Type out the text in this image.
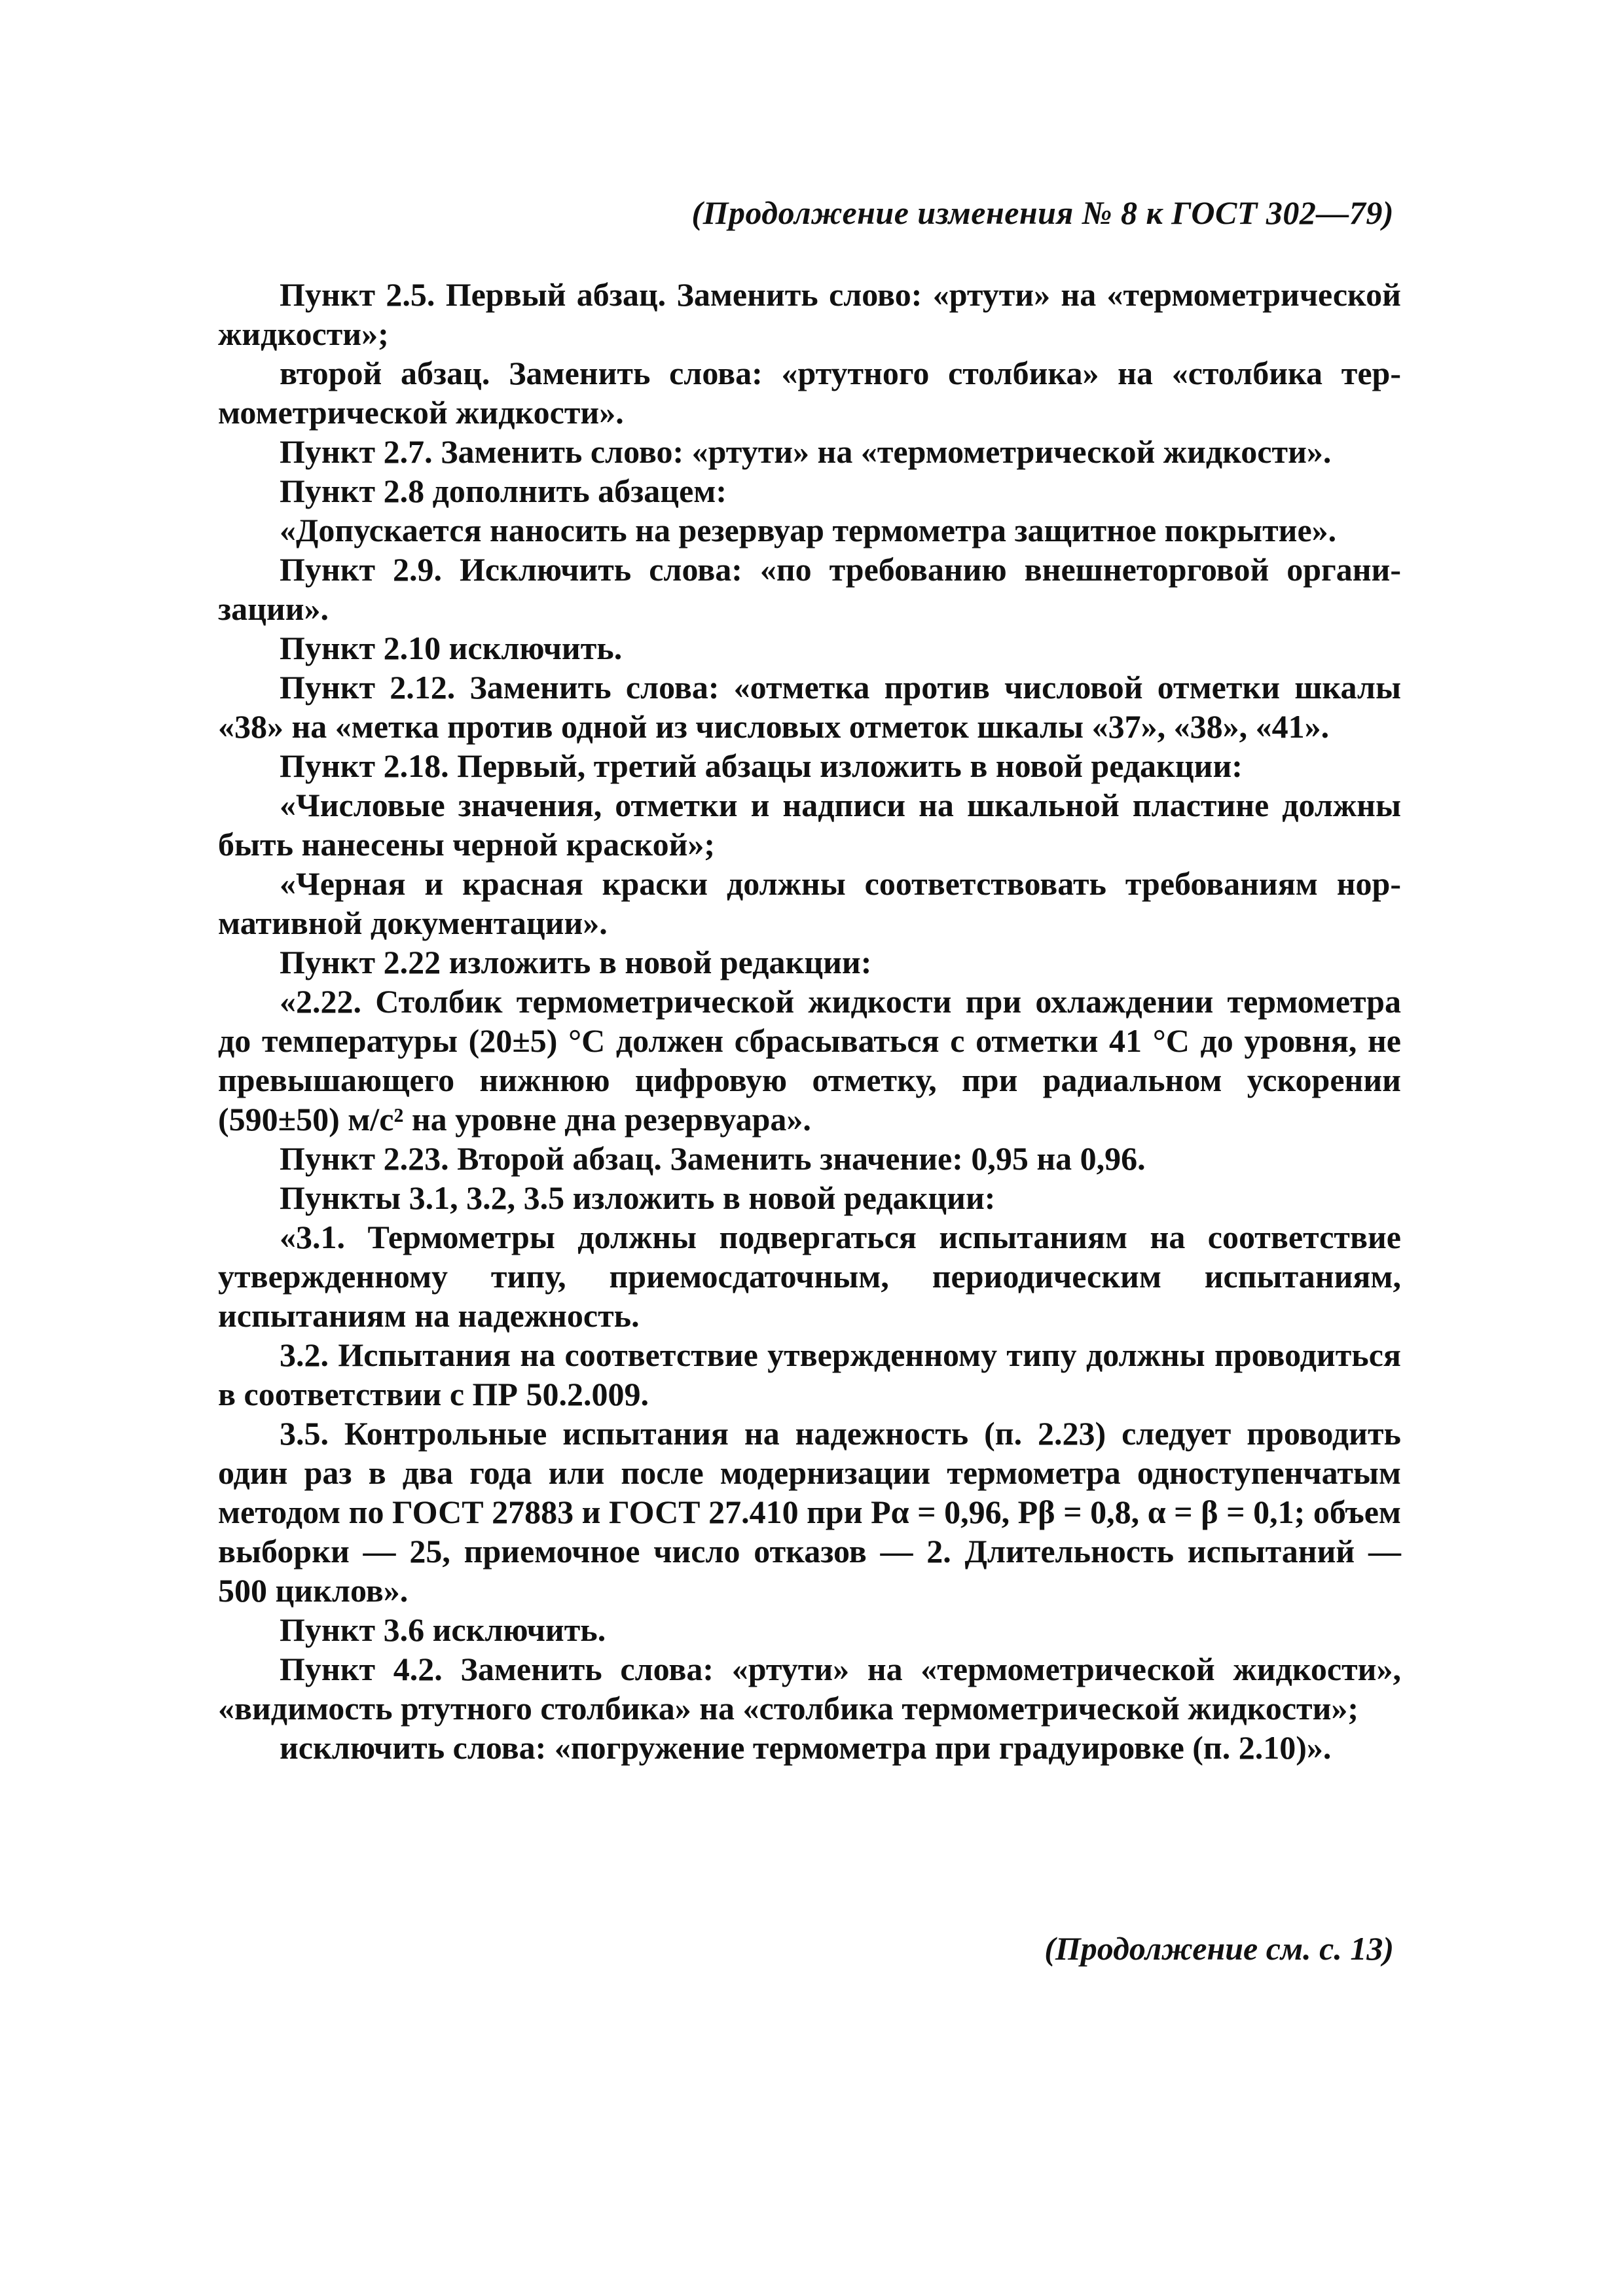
(Продолжение изменения № 8 к ГОСТ 302—79)

Пункт 2.5. Первый абзац. Заменить слово: «ртути» на «термометрической жидкости»;

второй абзац. Заменить слова: «ртутного столбика» на «столбика термометрической жидкости».

Пункт 2.7. Заменить слово: «ртути» на «термометрической жидкости».

Пункт 2.8 дополнить абзацем:

«Допускается наносить на резервуар термометра защитное покрытие».

Пункт 2.9. Исключить слова: «по требованию внешнеторговой организации».

Пункт 2.10 исключить.

Пункт 2.12. Заменить слова: «отметка против числовой отметки шкалы «38» на «метка против одной из числовых отметок шкалы «37», «38», «41».

Пункт 2.18. Первый, третий абзацы изложить в новой редакции:

«Числовые значения, отметки и надписи на шкальной пластине должны быть нанесены черной краской»;

«Черная и красная краски должны соответствовать требованиям нормативной документации».

Пункт 2.22 изложить в новой редакции:

«2.22. Столбик термометрической жидкости при охлаждении термометра до температуры (20±5) °С должен сбрасываться с отметки 41 °С до уровня, не превышающего нижнюю цифровую отметку, при радиальном ускорении (590±50) м/с² на уровне дна резервуара».

Пункт 2.23. Второй абзац. Заменить значение: 0,95 на 0,96.

Пункты 3.1, 3.2, 3.5 изложить в новой редакции:

«3.1. Термометры должны подвергаться испытаниям на соответствие утвержденному типу, приемосдаточным, периодическим испытаниям, испытаниям на надежность.

3.2. Испытания на соответствие утвержденному типу должны проводиться в соответствии с ПР 50.2.009.

3.5. Контрольные испытания на надежность (п. 2.23) следует проводить один раз в два года или после модернизации термометра одноступенчатым методом по ГОСТ 27883 и ГОСТ 27.410 при Pα = 0,96, Pβ = 0,8, α = β = 0,1; объем выборки — 25, приемочное число отказов — 2. Длительность испытаний — 500 циклов».

Пункт 3.6 исключить.

Пункт 4.2. Заменить слова: «ртути» на «термометрической жидкости», «видимость ртутного столбика» на «столбика термометрической жидкости»;

исключить слова: «погружение термометра при градуировке (п. 2.10)».

(Продолжение см. с. 13)
